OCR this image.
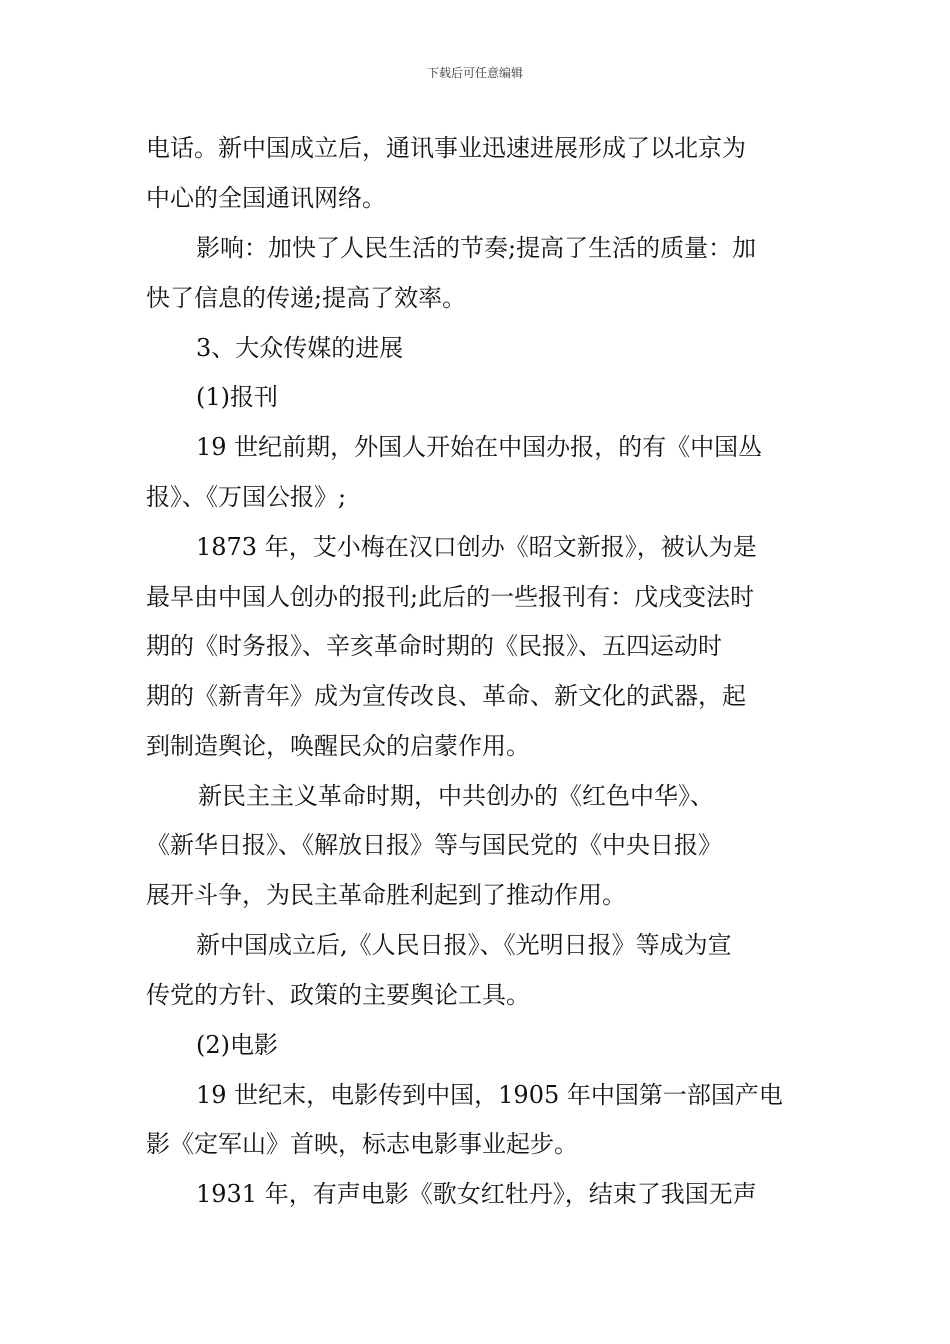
下载后可任意编辑
电话。新中国成立后，通讯事业迅速进展形成了以北京为
中心的全国通讯网络。
影响：加快了人民生活的节奏;提高了生活的质量：加
快了信息的传递;提高了效率。
3、大众传媒的进展
(1)报刊
19 世纪前期，外国人开始在中国办报，的有《中国丛
报》、《万国公报》;
1873 年，艾小梅在汉口创办《昭文新报》，被认为是
最早由中国人创办的报刊;此后的一些报刊有：戊戌变法时
期的《时务报》、辛亥革命时期的《民报》、五四运动时
期的《新青年》成为宣传改良、革命、新文化的武器，起
到制造舆论，唤醒民众的启蒙作用。
新民主主义革命时期，中共创办的《红色中华》、
《新华日报》、《解放日报》等与国民党的《中央日报》
展开斗争，为民主革命胜利起到了推动作用。
新中国成立后,《人民日报》、《光明日报》等成为宣
传党的方针、政策的主要舆论工具。
(2)电影
19 世纪末，电影传到中国，1905 年中国第一部国产电
影《定军山》首映，标志电影事业起步。
1931 年，有声电影《歌女红牡丹》，结束了我国无声
